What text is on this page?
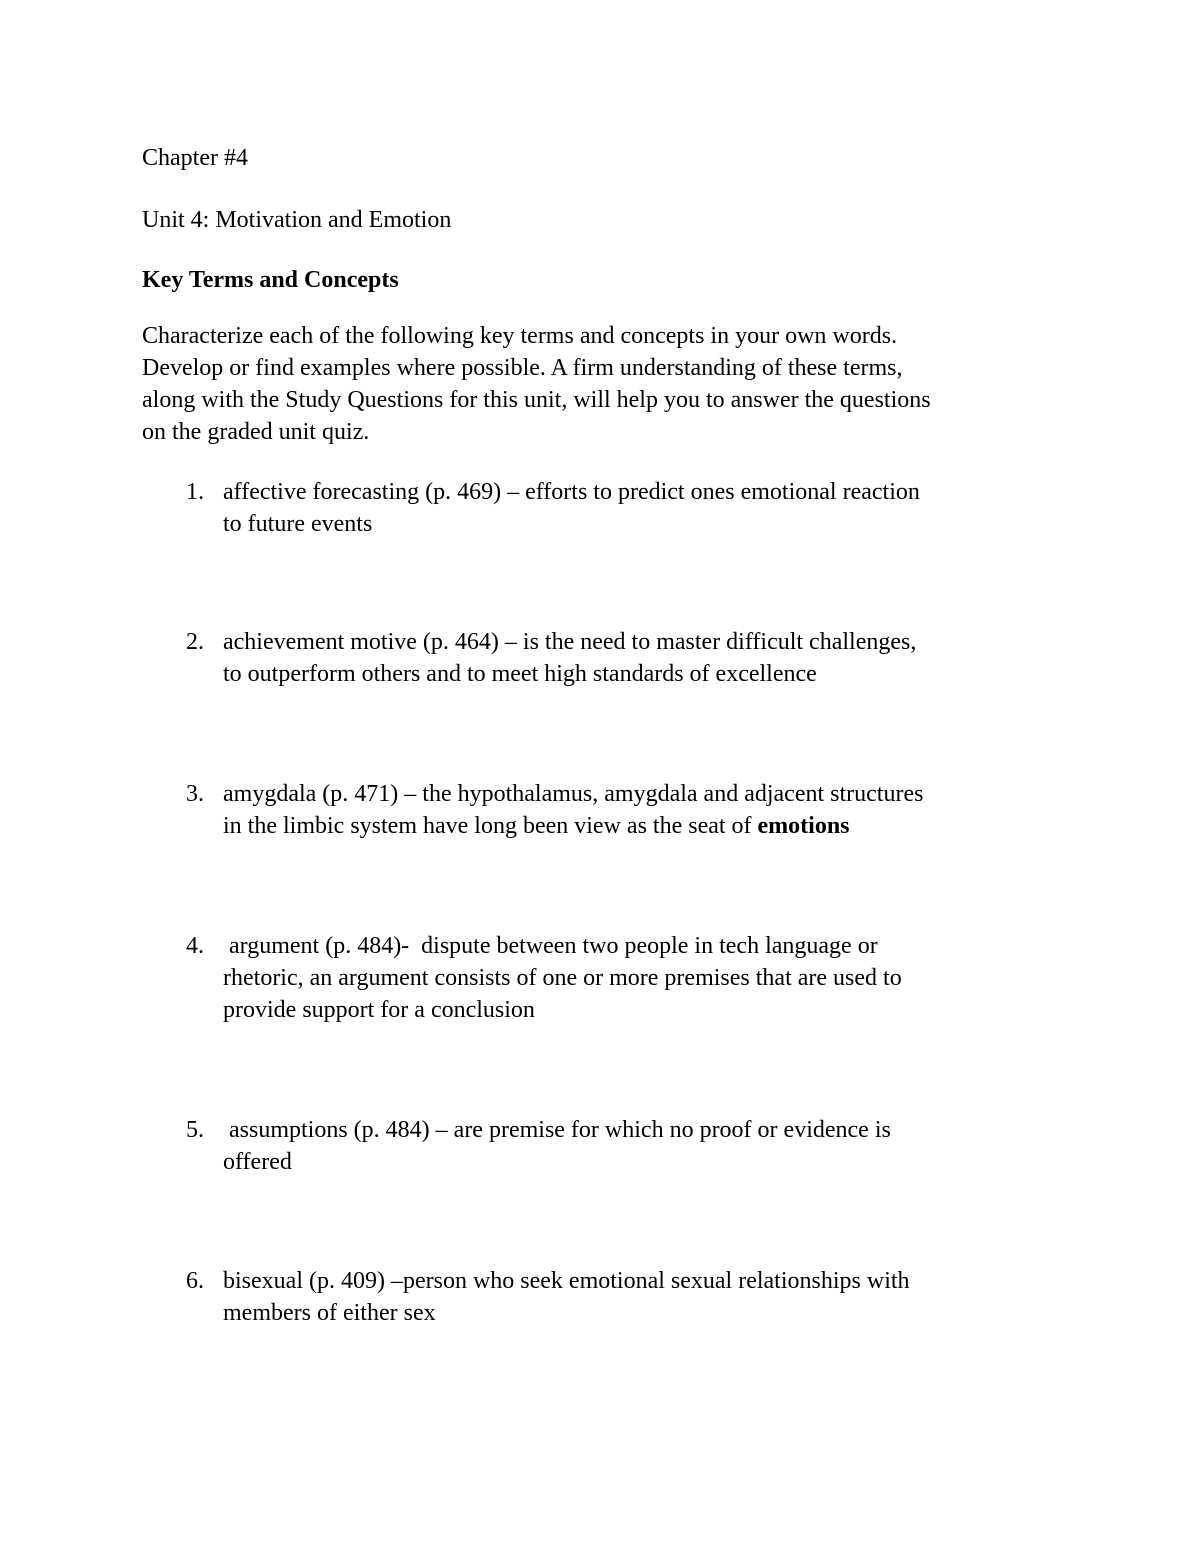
Chapter #4
Unit 4: Motivation and Emotion
Key Terms and Concepts
Characterize each of the following key terms and concepts in your own words.
Develop or find examples where possible. A firm understanding of these terms,
along with the Study Questions for this unit, will help you to answer the questions
on the graded unit quiz.
1. affective forecasting (p. 469) – efforts to predict ones emotional reaction
to future events
2. achievement motive (p. 464) – is the need to master difficult challenges,
to outperform others and to meet high standards of excellence
3. amygdala (p. 471) – the hypothalamus, amygdala and adjacent structures
in the limbic system have long been view as the seat of emotions
4. argument (p. 484)-  dispute between two people in tech language or
rhetoric, an argument consists of one or more premises that are used to
provide support for a conclusion
5. assumptions (p. 484) – are premise for which no proof or evidence is
offered
6. bisexual (p. 409) –person who seek emotional sexual relationships with
members of either sex
